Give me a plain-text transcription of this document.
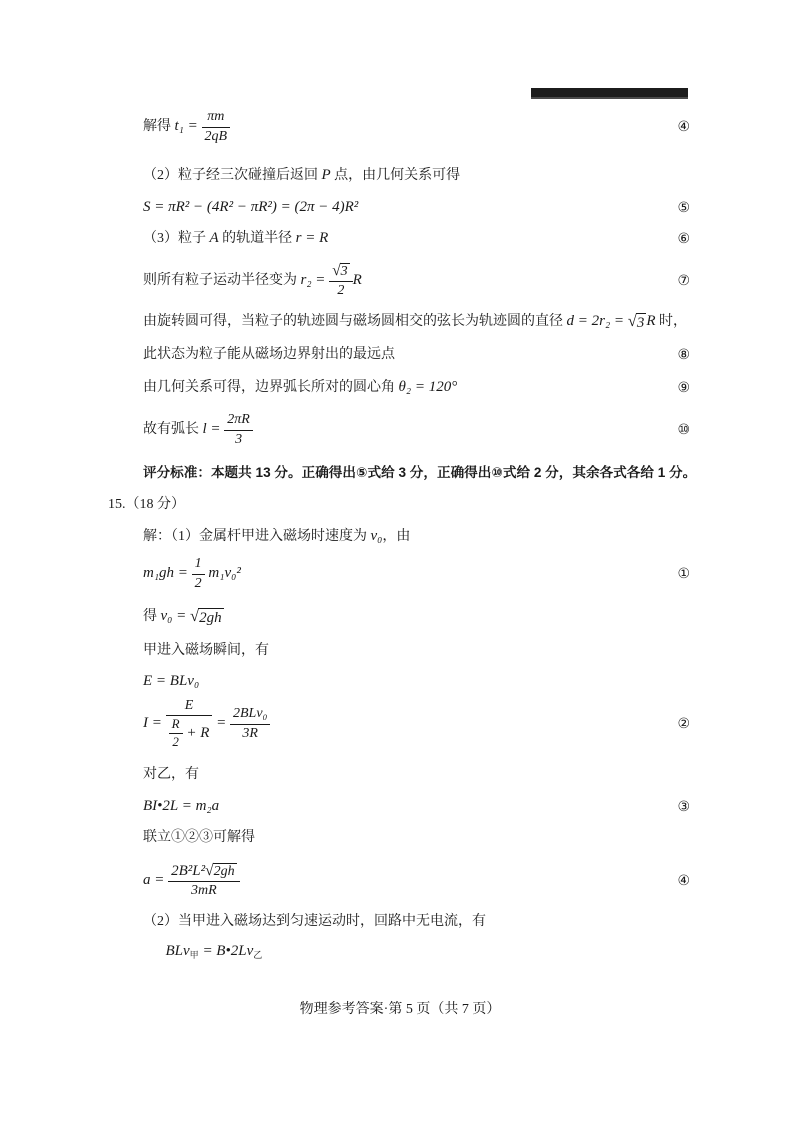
解得 $t_1 = \frac{\pi m}{2qB}$	④
（2）粒子经三次碰撞后返回 P 点，由几何关系可得
S = πR² − (4R² − πR²) = (2π − 4)R²	⑤
（3）粒子 A 的轨道半径 r = R	⑥
则所有粒子运动半径变为 $r_2 = \frac{√ 3}{2}$ R	⑦
由旋转圆可得，当粒子的轨迹圆与磁场圆相交的弦长为轨迹圆的直径 d = 2r₂ = √ 3 R 时，
此状态为粒子能从磁场边界射出的最远点	⑧
由几何关系可得，边界弧长所对的圆心角 θ₂ = 120°	⑨
故有弧长 $l = \frac{2\pi R}{3}$	⑩
评分标准：本题共 13 分。正确得出⑤式给 3 分，正确得出⑩式给 2 分，其余各式各给 1 分。
15.（18 分）
解：（1）金属杆甲进入磁场时速度为 v₀ ，由
$m_1gh = \frac{1}{2} m_1v_0^2$	①
得 v₀ = √ 2gh
甲进入磁场瞬间，有
E = BLv₀
$I = \frac{E}{\frac{R}{2} + R} = \frac{\text{2BLv₀}}{3R}$	②
对乙，有
BI•2L = m₂a	③
联立①②③可解得
$a = \frac{\text{2B²L² √ 2gh}}{3mR}$	④
（2）当甲进入磁场达到匀速运动时，回路中无电流，有

$BLv_甲 = B•2Lv_乙$

物理参考答案·第 5 页（共 7 页）
